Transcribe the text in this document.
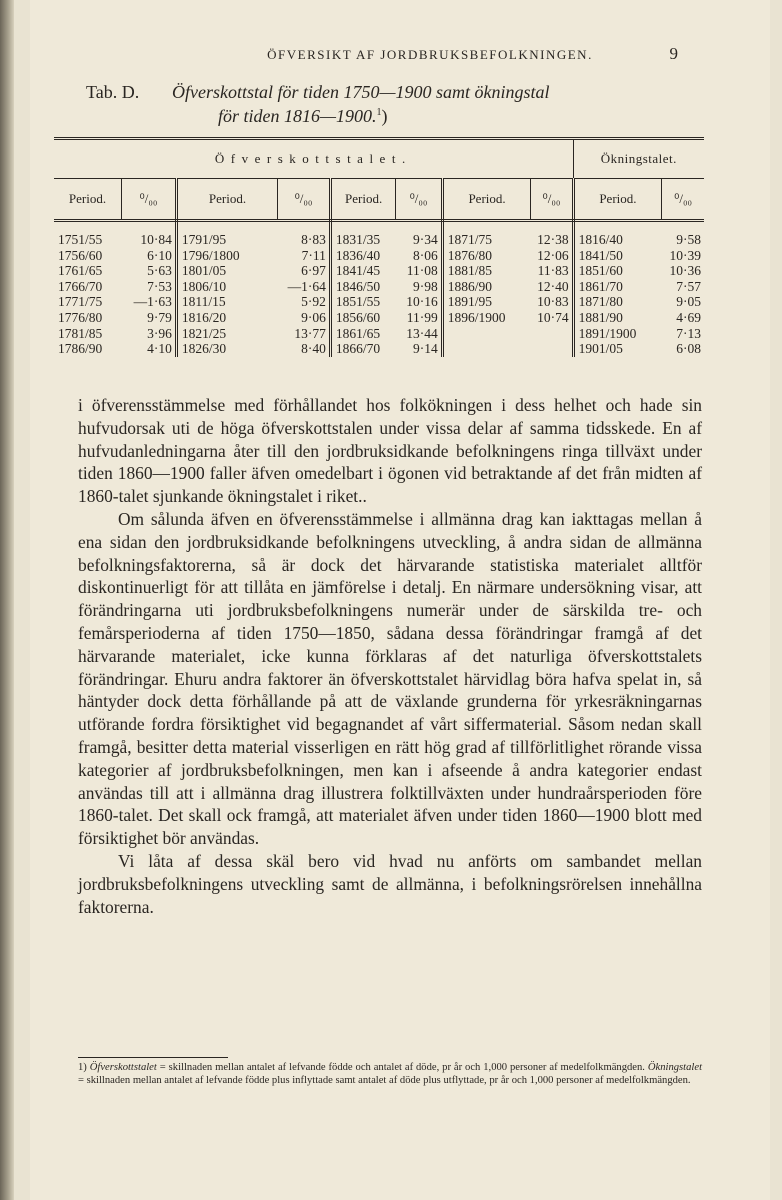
ÖFVERSIKT AF JORDBRUKSBEFOLKNINGEN.	9
Tab. D. Öfverskottstal för tiden 1750—1900 samt ökningstal
för tiden 1816—1900.$^1$)
Öfverskottstalet.								Ökningstalet.	
Period.	⁰/₀₀	Period.	⁰/₀₀	Period.	⁰/₀₀	Period.	⁰/₀₀	Period.	⁰/₀₀
1751/55	10·84	1791/95	8·83	1831/35	9·34	1871/75	12·38	1816/40	9·58
1756/60	6·10	1796/1800	7·11	1836/40	8·06	1876/80	12·06	1841/50	10·39
1761/65	5·63	1801/05	6·97	1841/45	11·08	1881/85	11·83	1851/60	10·36
1766/70	7·53	1806/10	—1·64	1846/50	9·98	1886/90	12·40	1861/70	7·57
1771/75	—1·63	1811/15	5·92	1851/55	10·16	1891/95	10·83	1871/80	9·05
1776/80	9·79	1816/20	9·06	1856/60	11·99	1896/1900	10·74	1881/90	4·69
1781/85	3·96	1821/25	13·77	1861/65	13·44			1891/1900	7·13
1786/90	4·10	1826/30	8·40	1866/70	9·14			1901/05	6·08

i öfverensstämmelse med förhållandet hos folkökningen i dess helhet och hade sin hufvudorsak uti de höga öfverskottstalen under vissa delar af samma tidsskede. En af hufvudanledningarna åter till den jordbruksidkande befolkningens ringa tillväxt under tiden 1860—1900 faller äfven omedelbart i ögonen vid betraktande af det från midten af 1860-talet sjunkande ökningstalet i riket..

Om sålunda äfven en öfverensstämmelse i allmänna drag kan iakttagas mellan å ena sidan den jordbruksidkande befolkningens utveckling, å andra sidan de allmänna befolkningsfaktorerna, så är dock det härvarande statistiska materialet alltför diskontinuerligt för att tillåta en jämförelse i detalj. En närmare undersökning visar, att förändringarna uti jordbruksbefolkningens numerär under de särskilda tre- och femårsperioderna af tiden 1750—1850, sådana dessa förändringar framgå af det härvarande materialet, icke kunna förklaras af det naturliga öfverskottstalets förändringar. Ehuru andra faktorer än öfverskottstalet härvidlag böra hafva spelat in, så häntyder dock detta förhållande på att de växlande grunderna för yrkesräkningarnas utförande fordra försiktighet vid begagnandet af vårt siffermaterial. Såsom nedan skall framgå, besitter detta material visserligen en rätt hög grad af tillförlitlighet rörande vissa kategorier af jordbruksbefolkningen, men kan i afseende å andra kategorier endast användas till att i allmänna drag illustrera folktillväxten under hundraårsperioden före 1860-talet. Det skall ock framgå, att materialet äfven under tiden 1860—1900 blott med försiktighet bör användas.

Vi låta af dessa skäl bero vid hvad nu anförts om sambandet mellan jordbruksbefolkningens utveckling samt de allmänna, i befolkningsrörelsen innehållna faktorerna.

1) Öfverskottstalet = skillnaden mellan antalet af lefvande födde och antalet af döde, pr år och 1,000 personer af medelfolkmängden. Ökningstalet = skillnaden mellan antalet af lefvande födde plus inflyttade samt antalet af döde plus utflyttade, pr år och 1,000 personer af medelfolkmängden.
